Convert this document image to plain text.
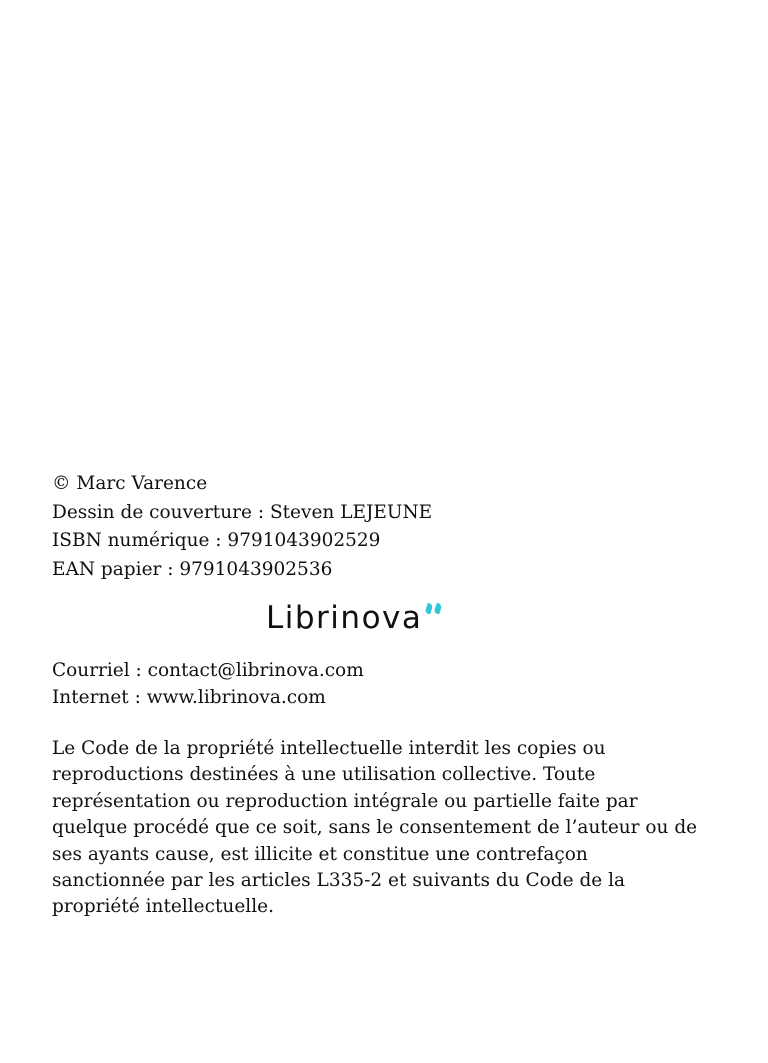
© Marc Varence
Dessin de couverture : Steven LEJEUNE
ISBN numérique : 9791043902529
EAN papier : 9791043902536
Librinova
Courriel : contact@librinova.com
Internet : www.librinova.com
Le Code de la propriété intellectuelle interdit les copies ou
reproductions destinées à une utilisation collective. Toute
représentation ou reproduction intégrale ou partielle faite par
quelque procédé que ce soit, sans le consentement de l’auteur ou de
ses ayants cause, est illicite et constitue une contrefaçon
sanctionnée par les articles L335-2 et suivants du Code de la
propriété intellectuelle.
